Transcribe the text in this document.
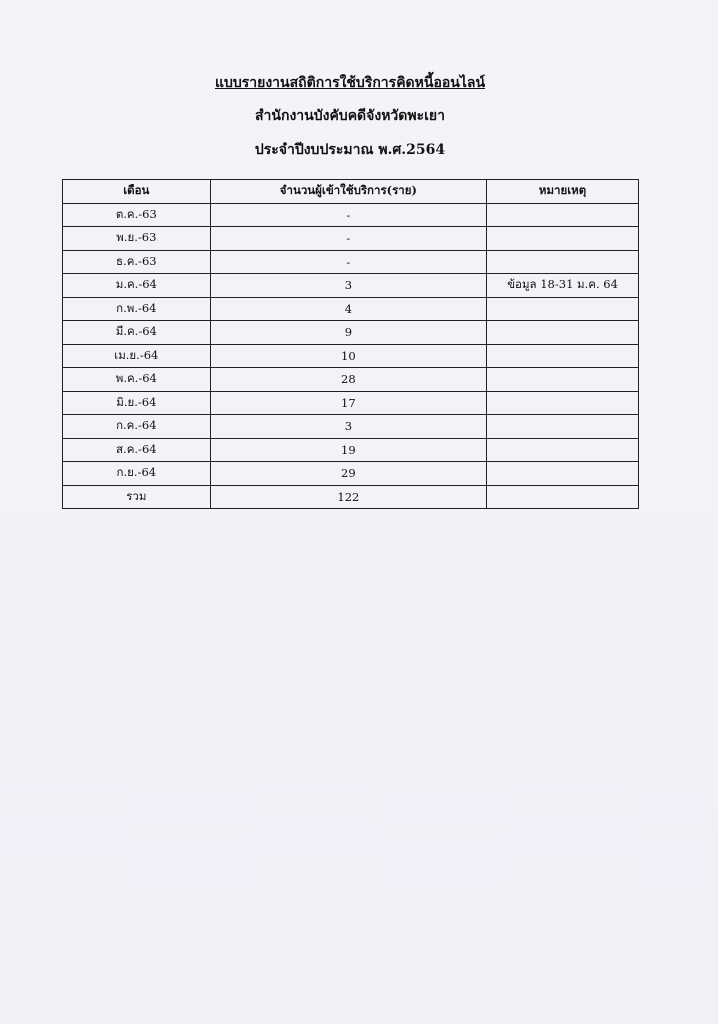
แบบรายงานสถิติการใช้บริการคิดหนี้ออนไลน์

สำนักงานบังคับคดีจังหวัดพะเยา

ประจำปีงบประมาณ พ.ศ.2564

เดือน	จำนวนผู้เข้าใช้บริการ(ราย)	หมายเหตุ
ต.ค.-63	-	
พ.ย.-63	-	
ธ.ค.-63	-	
ม.ค.-64	3	ข้อมูล 18-31 ม.ค. 64
ก.พ.-64	4	
มี.ค.-64	9	
เม.ย.-64	10	
พ.ค.-64	28	
มิ.ย.-64	17	
ก.ค.-64	3	
ส.ค.-64	19	
ก.ย.-64	29	
รวม	122	
